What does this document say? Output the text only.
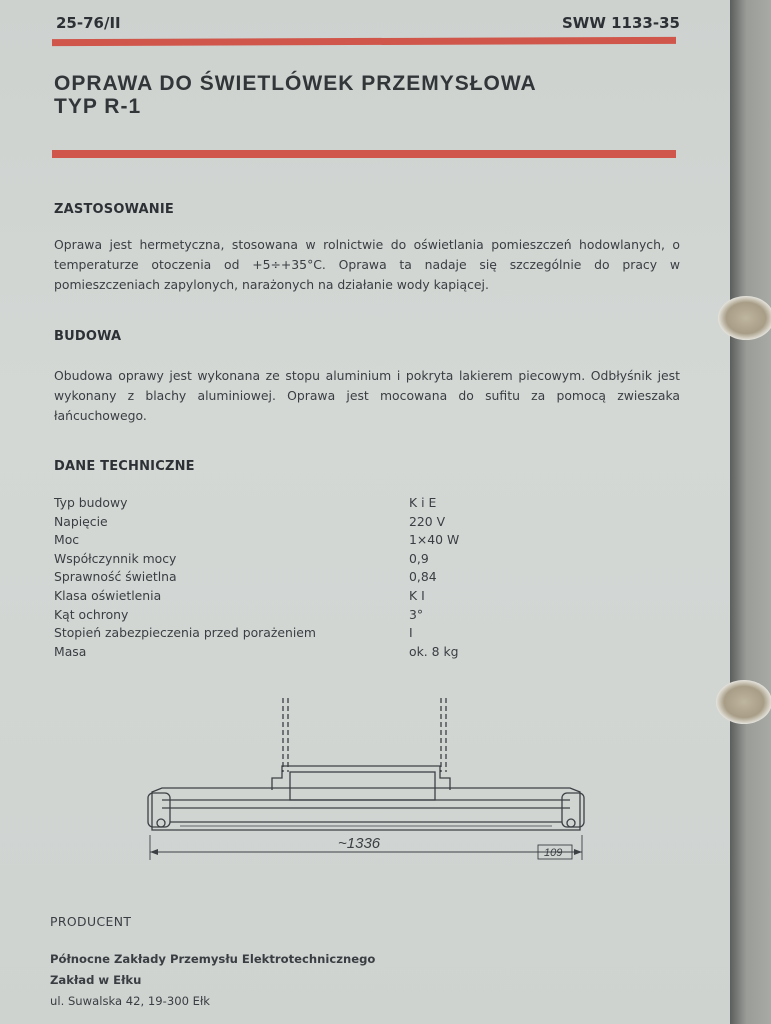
25-76/II	SWW 1133-35
OPRAWA DO ŚWIETLÓWEK PRZEMYSŁOWA
TYP R-1
ZASTOSOWANIE
Oprawa jest hermetyczna, stosowana w rolnictwie do oświetlania pomieszczeń hodowlanych, o temperaturze otoczenia od +5÷+35°C. Oprawa ta nadaje się szczególnie do pracy w pomieszczeniach zapylonych, narażonych na działanie wody kapiącej.
BUDOWA
Obudowa oprawy jest wykonana ze stopu aluminium i pokryta lakierem piecowym. Odbłyśnik jest wykonany z blachy aluminiowej. Oprawa jest mocowana do sufitu za pomocą zwieszaka łańcuchowego.
DANE TECHNICZNE
Typ budowy	K i E
Napięcie	220 V
Moc	1×40 W
Współczynnik mocy	0,9
Sprawność świetlna	0,84
Klasa oświetlenia	K I
Kąt ochrony	3°
Stopień zabezpieczenia przed porażeniem	I
Masa	ok. 8 kg
~1336
109
PRODUCENT
Północne Zakłady Przemysłu Elektrotechnicznego
Zakład w Ełku
ul. Suwalska 42, 19-300 Ełk
